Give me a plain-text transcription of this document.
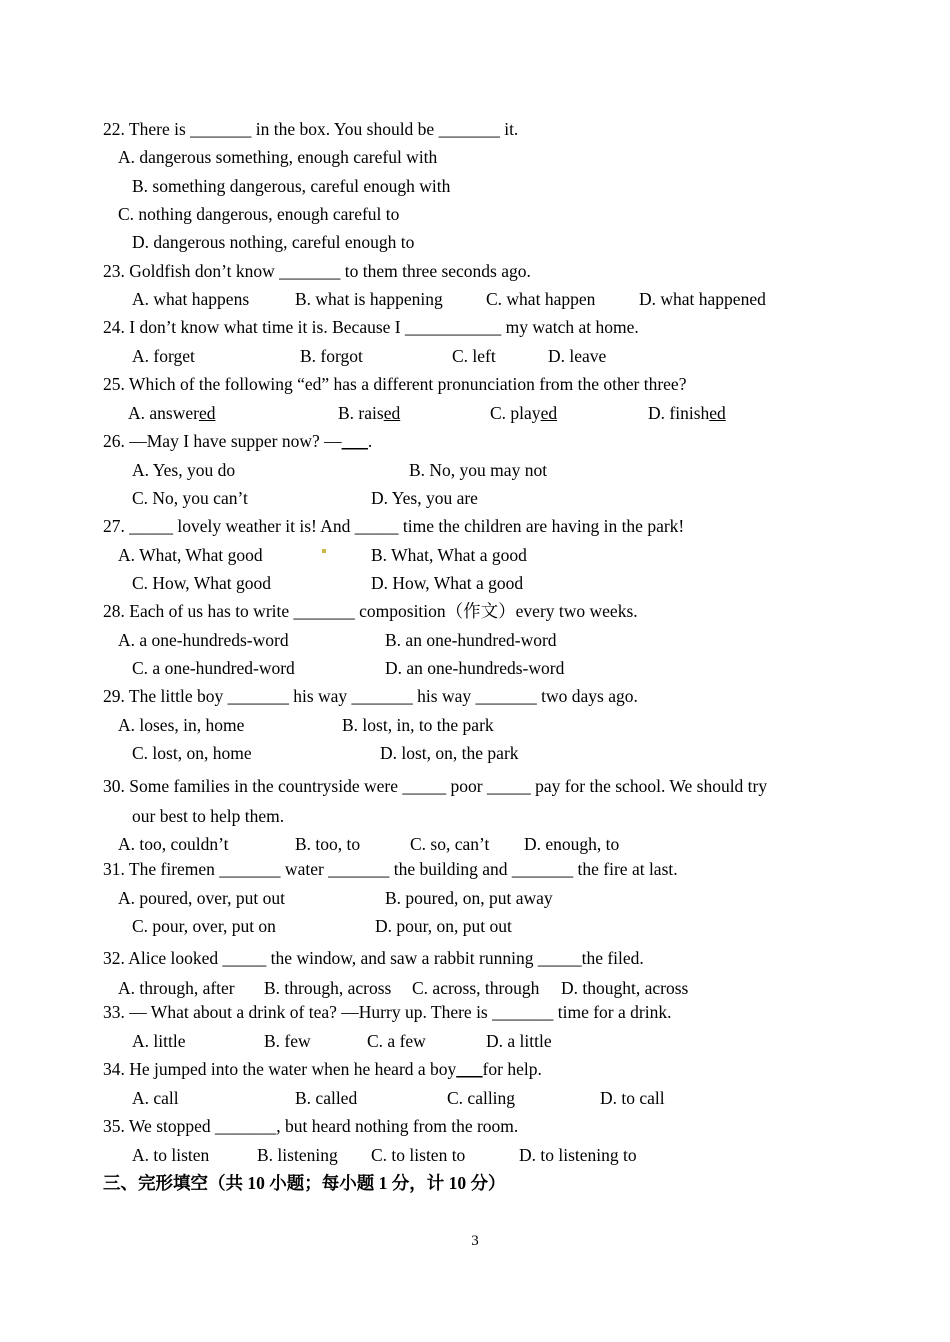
22. There is _______ in the box. You should be _______ it.
A. dangerous something, enough careful with
B. something dangerous, careful enough with
C. nothing dangerous, enough careful to
D. dangerous nothing, careful enough to
23. Goldfish don’t know _______ to them three seconds ago.
A. what happens	B. what is happening C. what happen D. what happened
24. I don’t know what time it is. Because I ___________ my watch at home.
A. forget	B. forgot	C. left	D. leave
25. Which of the following “ed” has a different pronunciation from the other three?
A. answered	B. raised	C. played	D. finished
26. —May I have supper now? —___.
A. Yes, you do	B. No, you may not
C. No, you can’t	D. Yes, you are
27. _____ lovely weather it is! And _____ time the children are having in the park!
A. What, What good	B. What, What a good
C. How, What good	D. How, What a good
28. Each of us has to write _______ composition（作文）every two weeks.
A. a one-hundreds-word	B. an one-hundred-word
C. a one-hundred-word	D. an one-hundreds-word
29. The little boy _______ his way _______ his way _______ two days ago.
A. loses, in, home	B. lost, in, to the park
C. lost, on, home	D. lost, on, the park
30. Some families in the countryside were _____ poor _____ pay for the school. We should try
our best to help them.
A. too, couldn’t	B. too, to	C. so, can’t D. enough, to
31. The firemen _______ water _______ the building and _______ the fire at last.
A. poured, over, put out	B. poured, on, put away
C. pour, over, put on	D. pour, on, put out
32. Alice looked _____ the window, and saw a rabbit running _____the filed.
A. through, after B. through, across C. across, through D. thought, across
33. — What about a drink of tea? —Hurry up. There is _______ time for a drink.
A. little	B. few	C. a few	D. a little
34. He jumped into the water when he heard a boy___for help.
A. call	B. called	C. calling	D. to call
35. We stopped _______, but heard nothing from the room.
A. to listen	B. listening C. to listen to	D. to listening to
三、完形填空（共 10 小题；每小题 1 分，计 10 分）
3
